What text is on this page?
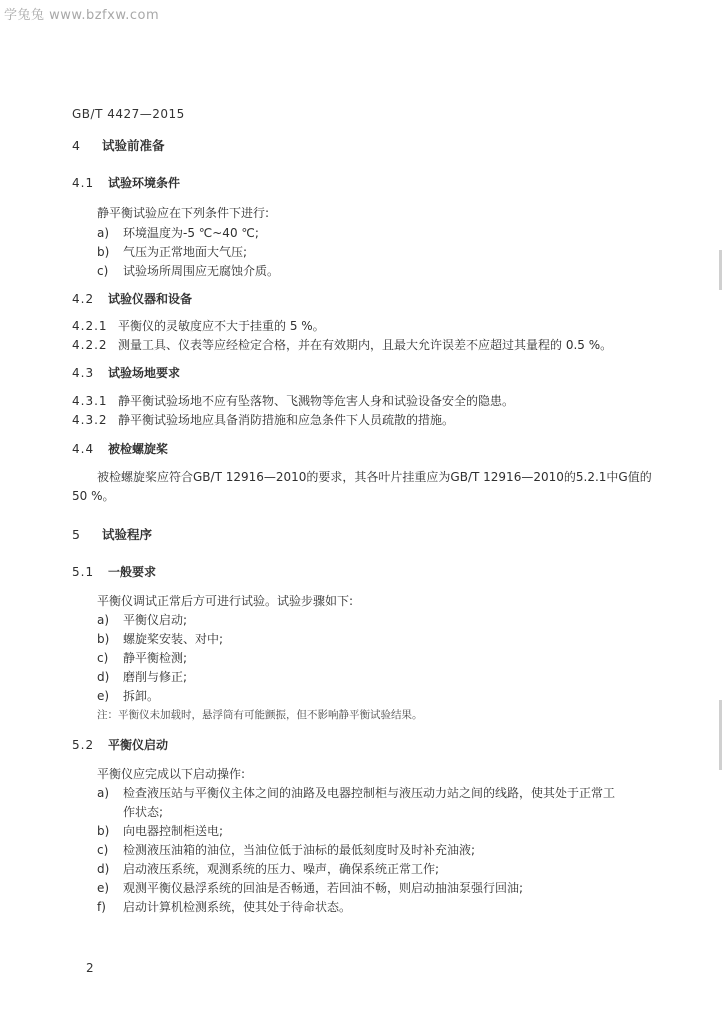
学兔兔 www.bzfxw.com
GB/T 4427—2015
4 试验前准备
4.1 试验环境条件
静平衡试验应在下列条件下进行:
a) 环境温度为-5 ℃~40 ℃;
b) 气压为正常地面大气压;
c) 试验场所周围应无腐蚀介质。
4.2 试验仪器和设备
4.2.1 平衡仪的灵敏度应不大于挂重的 5 %。
4.2.2 测量工具、仪表等应经检定合格，并在有效期内，且最大允许误差不应超过其量程的 0.5 %。
4.3 试验场地要求
4.3.1 静平衡试验场地不应有坠落物、飞溅物等危害人身和试验设备安全的隐患。
4.3.2 静平衡试验场地应具备消防措施和应急条件下人员疏散的措施。
4.4 被检螺旋桨
被检螺旋桨应符合GB/T 12916—2010的要求，其各叶片挂重应为GB/T 12916—2010的5.2.1中G值的
50 %。
5 试验程序
5.1 一般要求
平衡仪调试正常后方可进行试验。试验步骤如下:
a) 平衡仪启动;
b) 螺旋桨安装、对中;
c) 静平衡检测;
d) 磨削与修正;
e) 拆卸。
注：平衡仪未加载时，悬浮筒有可能颤振，但不影响静平衡试验结果。
5.2 平衡仪启动
平衡仪应完成以下启动操作:
a) 检查液压站与平衡仪主体之间的油路及电器控制柜与液压动力站之间的线路，使其处于正常工
作状态;
b) 向电器控制柜送电;
c) 检测液压油箱的油位，当油位低于油标的最低刻度时及时补充油液;
d) 启动液压系统，观测系统的压力、噪声，确保系统正常工作;
e) 观测平衡仪悬浮系统的回油是否畅通，若回油不畅，则启动抽油泵强行回油;
f) 启动计算机检测系统，使其处于待命状态。
2
